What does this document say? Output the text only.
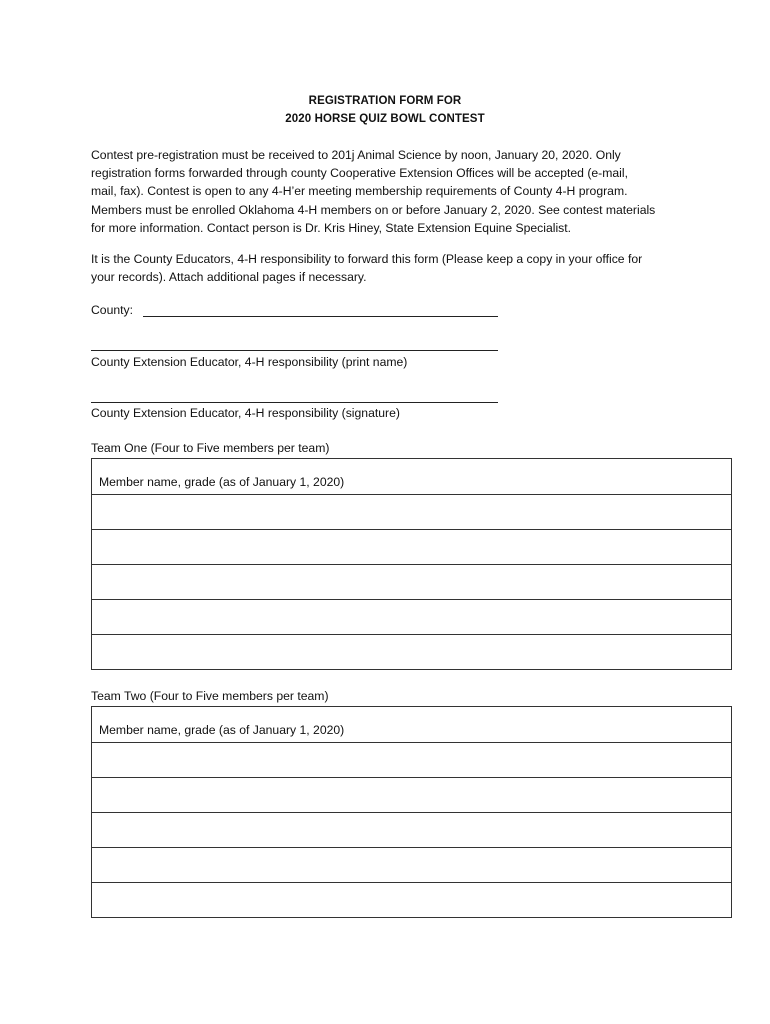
REGISTRATION FORM FOR
2020 HORSE QUIZ BOWL CONTEST
Contest pre-registration must be received to 201j Animal Science by noon, January 20, 2020. Only
registration forms forwarded through county Cooperative Extension Offices will be accepted (e-mail,
mail, fax). Contest is open to any 4-H’er meeting membership requirements of County 4-H program.
Members must be enrolled Oklahoma 4-H members on or before January 2, 2020. See contest materials
for more information. Contact person is Dr. Kris Hiney, State Extension Equine Specialist.
It is the County Educators, 4-H responsibility to forward this form (Please keep a copy in your office for
your records). Attach additional pages if necessary.
County:
County Extension Educator, 4-H responsibility (print name)
County Extension Educator, 4-H responsibility (signature)
Team One (Four to Five members per team)
Member name, grade (as of January 1, 2020)

Team Two (Four to Five members per team)
Member name, grade (as of January 1, 2020)
